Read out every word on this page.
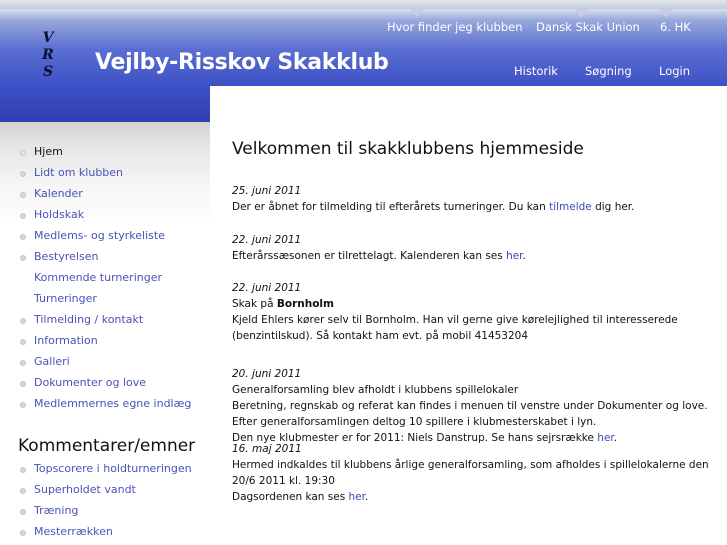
V
R
S Vejlby-Risskov Skakklub
Hvor finder jeg klubben Dansk Skak Union 6. HK
Historik Søgning Login
Hjem
Lidt om klubben
Kalender
Holdskak
Medlems- og styrkeliste
Bestyrelsen
Kommende turneringer
Turneringer
Tilmelding / kontakt
Information
Galleri
Dokumenter og love
Medlemmernes egne indlæg
Kommentarer/emner
Topscorere i holdturneringen
Superholdet vandt
Træning
Mesterrækken
Velkommen til skakklubbens hjemmeside

25. juni 2011

Der er åbnet for tilmelding til efterårets turneringer. Du kan tilmelde dig her.

22. juni 2011

Efterårssæsonen er tilrettelagt. Kalenderen kan ses her.

22. juni 2011

Skak på Bornholm

Kjeld Ehlers kører selv til Bornholm. Han vil gerne give kørelejlighed til interesserede

(benzintilskud). Så kontakt ham evt. på mobil 41453204

20. juni 2011

Generalforsamling blev afholdt i klubbens spillelokaler

Beretning, regnskab og referat kan findes i menuen til venstre under Dokumenter og love.

Efter generalforsamlingen deltog 10 spillere i klubmesterskabet i lyn.

Den nye klubmester er for 2011: Niels Danstrup. Se hans sejrsrække her.

16. maj 2011

Hermed indkaldes til klubbens årlige generalforsamling, som afholdes i spillelokalerne den

20/6 2011 kl. 19:30

Dagsordenen kan ses her.
